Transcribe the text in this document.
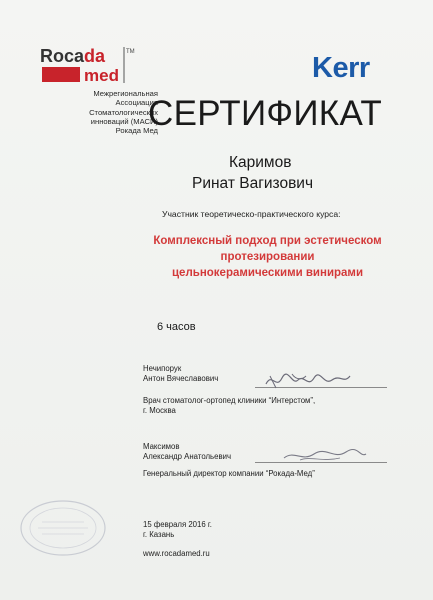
Rocada
med
TM
Межрегиональная
Ассоциация
Стоматологических
инноваций (МАСИ)
Рокада Мед
Kerr
СЕРТИФИКАТ
Каримов
Ринат Вагизович
Участник теоретическо-практического курса:
Комплексный подход при эстетическом
протезировании
цельнокерамическими винирами
6 часов
Нечипорук
Антон Вячеславович
Врач стоматолог-ортопед клиники “Интерстом”,
г. Москва
Максимов
Александр Анатольевич
Генеральный директор компании “Рокада-Мед”
15 февраля 2016 г.
г. Казань
www.rocadamed.ru
